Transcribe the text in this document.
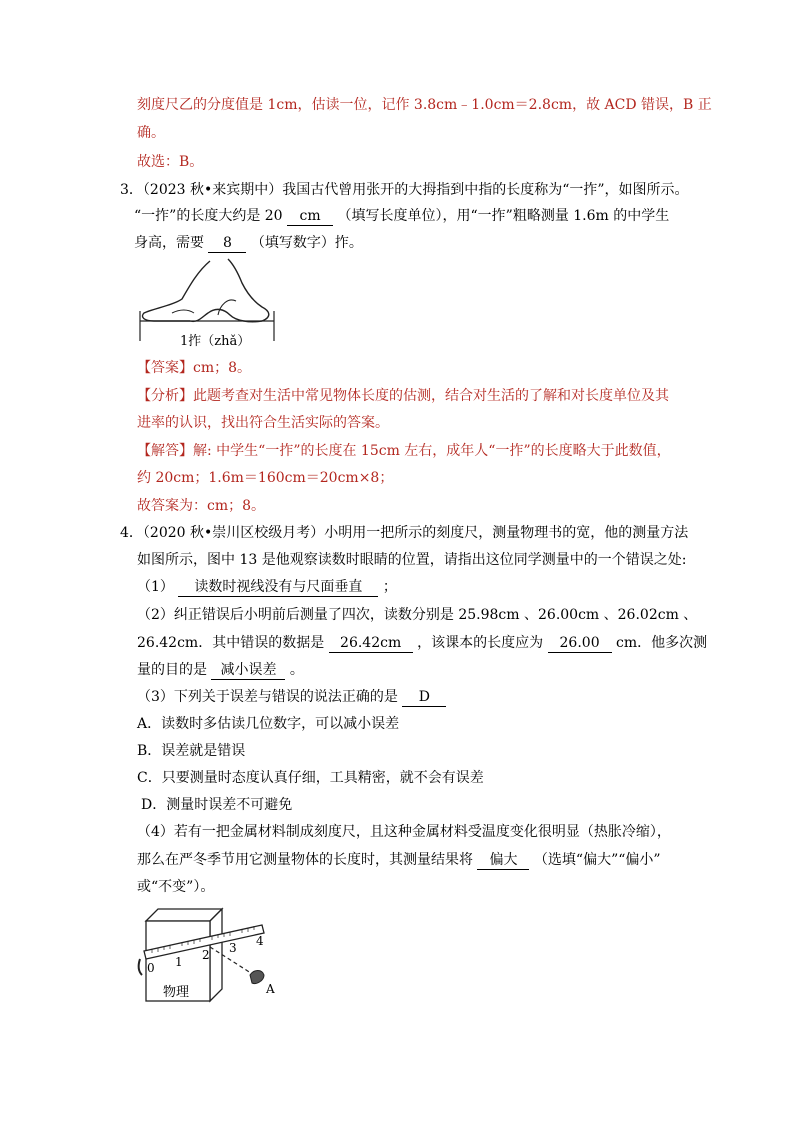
刻度尺乙的分度值是 1cm，估读一位，记作 3.8cm﹣1.0cm＝2.8cm，故 ACD 错误，B 正
确。
故选：B。
3．（2023 秋•来宾期中）我国古代曾用张开的大拇指到中指的长度称为“一拃”，如图所示。
“一拃”的长度大约是 20 cm （填写长度单位），用“一拃”粗略测量 1.6m 的中学生
身高，需要 8 （填写数字）拃。
1拃（zhǎ）
【答案】cm；8。
【分析】此题考查对生活中常见物体长度的估测，结合对生活的了解和对长度单位及其
进率的认识，找出符合生活实际的答案。
【解答】解: 中学生“一拃”的长度在 15cm 左右，成年人“一拃”的长度略大于此数值，
约 20cm；1.6m＝160cm＝20cm×8；
故答案为：cm；8。
4．（2020 秋•崇川区校级月考）小明用一把所示的刻度尺，测量物理书的宽，他的测量方法
如图所示，图中 13 是他观察读数时眼睛的位置，请指出这位同学测量中的一个错误之处:
（1） 读数时视线没有与尺面垂直 ；
（2）纠正错误后小明前后测量了四次，读数分别是 25.98cm 、26.00cm 、26.02cm 、
26.42cm．其中错误的数据是 26.42cm ，该课本的长度应为 26.00 cm．他多次测
量的目的是 减小误差 。
（3）下列关于误差与错误的说法正确的是 D
A．读数时多估读几位数字，可以减小误差
B．误差就是错误
C．只要测量时态度认真仔细，工具精密，就不会有误差
D．测量时误差不可避免
（4）若有一把金属材料制成刻度尺，且这种金属材料受温度变化很明显（热胀冷缩），
那么在严冬季节用它测量物体的长度时，其测量结果将 偏大 （选填“偏大”“偏小”
或“不变”）。
物理
0 1 2 3 4
A
